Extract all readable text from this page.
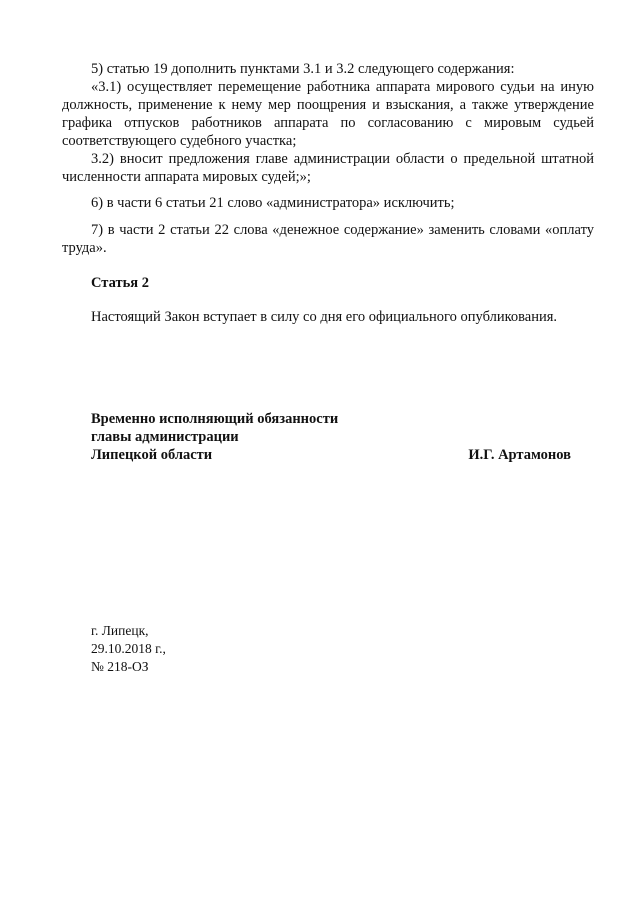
5) статью 19 дополнить пунктами 3.1 и 3.2 следующего содержания:

«3.1) осуществляет перемещение работника аппарата мирового судьи на иную должность, применение к нему мер поощрения и взыскания, а также утверждение графика отпусков работников аппарата по согласованию с мировым судьей соответствующего судебного участка;

3.2) вносит предложения главе администрации области о предельной штатной численности аппарата мировых судей;»;

6) в части 6 статьи 21 слово «администратора» исключить;

7) в части 2 статьи 22 слова «денежное содержание» заменить словами «оплату труда».

Статья 2

Настоящий Закон вступает в силу со дня его официального опубликования.

Временно исполняющий обязанности
главы администрации
Липецкой области	И.Г. Артамонов
г. Липецк,
29.10.2018 г.,
№ 218-ОЗ
